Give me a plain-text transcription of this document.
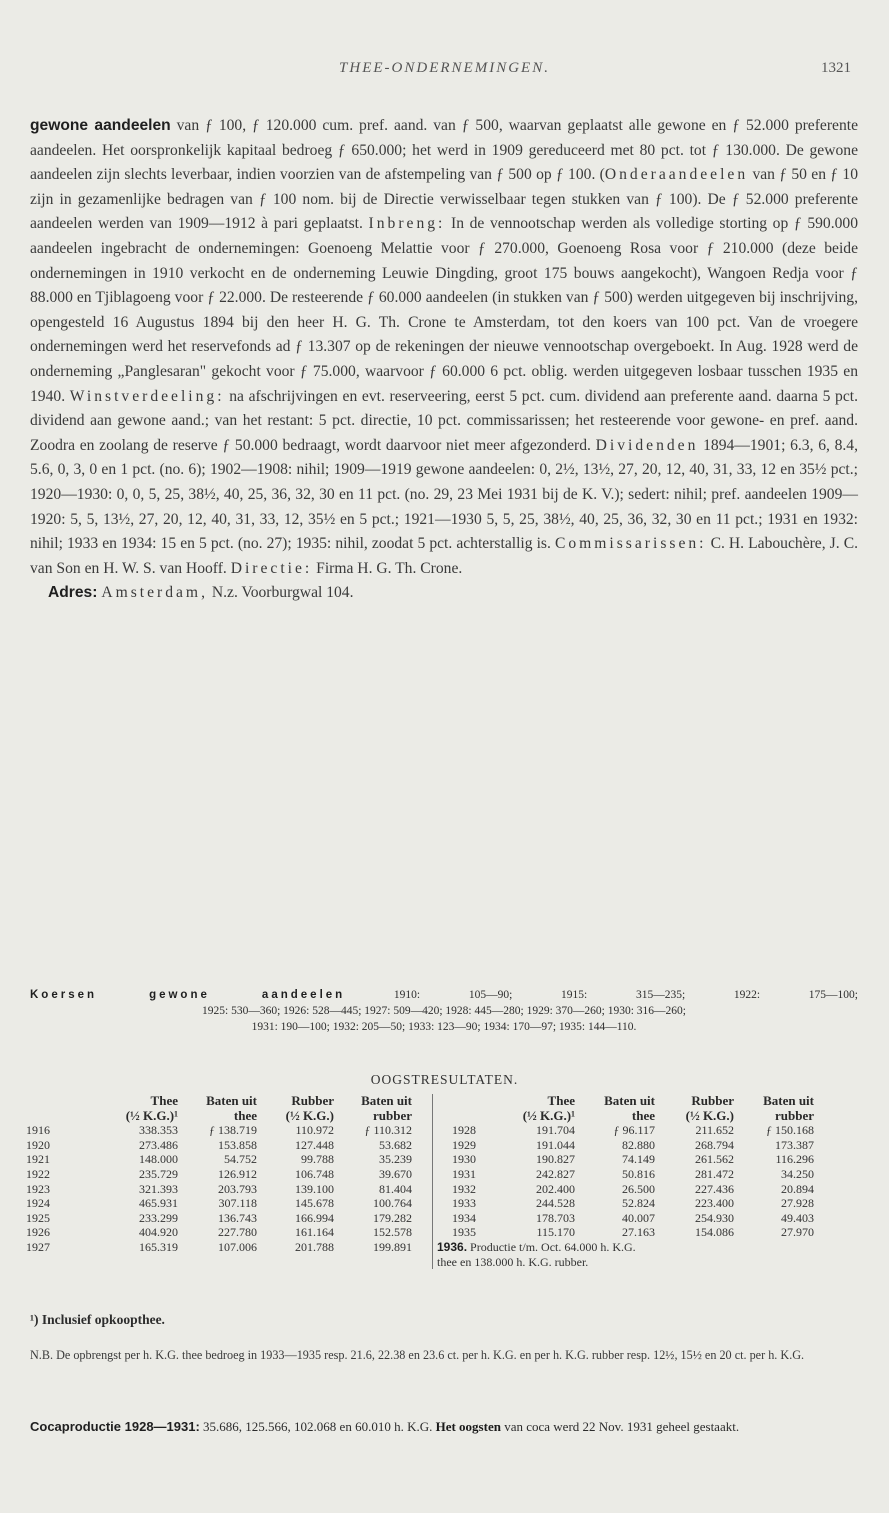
THEE-ONDERNEMINGEN.	1321

gewone aandeelen van ƒ 100, ƒ 120.000 cum. pref. aand. van ƒ 500, waarvan geplaatst alle gewone en ƒ 52.000 preferente aandeelen. Het oorspronkelijk kapitaal bedroeg ƒ 650.000; het werd in 1909 gereduceerd met 80 pct. tot ƒ 130.000. De gewone aandeelen zijn slechts leverbaar, indien voorzien van de afstempeling van ƒ 500 op ƒ 100. (Onderaandeelen van ƒ 50 en ƒ 10 zijn in gezamenlijke bedragen van ƒ 100 nom. bij de Directie verwisselbaar tegen stukken van ƒ 100). De ƒ 52.000 preferente aandeelen werden van 1909—1912 à pari geplaatst. Inbreng: In de vennootschap werden als volledige storting op ƒ 590.000 aandeelen ingebracht de ondernemingen: Goenoeng Melattie voor ƒ 270.000, Goenoeng Rosa voor ƒ 210.000 (deze beide ondernemingen in 1910 verkocht en de onderneming Leuwie Dingding, groot 175 bouws aangekocht), Wangoen Redja voor ƒ 88.000 en Tjiblagoeng voor ƒ 22.000. De resteerende ƒ 60.000 aandeelen (in stukken van ƒ 500) werden uitgegeven bij inschrijving, opengesteld 16 Augustus 1894 bij den heer H. G. Th. Crone te Amsterdam, tot den koers van 100 pct. Van de vroegere ondernemingen werd het reservefonds ad ƒ 13.307 op de rekeningen der nieuwe vennootschap overgeboekt. In Aug. 1928 werd de onderneming „Panglesaran" gekocht voor ƒ 75.000, waarvoor ƒ 60.000 6 pct. oblig. werden uitgegeven losbaar tusschen 1935 en 1940. Winstverdeeling: na afschrijvingen en evt. reserveering, eerst 5 pct. cum. dividend aan preferente aand. daarna 5 pct. dividend aan gewone aand.; van het restant: 5 pct. directie, 10 pct. commissarissen; het resteerende voor gewone- en pref. aand. Zoodra en zoolang de reserve ƒ 50.000 bedraagt, wordt daarvoor niet meer afgezonderd. Dividenden 1894—1901; 6.3, 6, 8.4, 5.6, 0, 3, 0 en 1 pct. (no. 6); 1902—1908: nihil; 1909—1919 gewone aandeelen: 0, 2½, 13½, 27, 20, 12, 40, 31, 33, 12 en 35½ pct.; 1920—1930: 0, 0, 5, 25, 38½, 40, 25, 36, 32, 30 en 11 pct. (no. 29, 23 Mei 1931 bij de K. V.); sedert: nihil; pref. aandeelen 1909—1920: 5, 5, 13½, 27, 20, 12, 40, 31, 33, 12, 35½ en 5 pct.; 1921—1930 5, 5, 25, 38½, 40, 25, 36, 32, 30 en 11 pct.; 1931 en 1932: nihil; 1933 en 1934: 15 en 5 pct. (no. 27); 1935: nihil, zoodat 5 pct. achterstallig is. Commissarissen: C. H. Labouchère, J. C. van Son en H. W. S. van Hooff. Directie: Firma H. G. Th. Crone.

Adres: Amsterdam, N.z. Voorburgwal 104.

Koersen gewone aandeelen 1910: 105—90; 1915: 315—235; 1922: 175—100;
1925: 530—360; 1926: 528—445; 1927: 509—420; 1928: 445—280; 1929: 370—260; 1930: 316—260;
1931: 190—100; 1932: 205—50; 1933: 123—90; 1934: 170—97; 1935: 144—110.
OOGSTRESULTATEN.
	Thee	Baten uit	Rubber	Baten uit			Thee	Baten uit	Rubber	Baten uit
	(½ K.G.)¹	thee	(½ K.G.)	rubber			(½ K.G.)¹	thee	(½ K.G.)	rubber
1916	338.353	ƒ 138.719	110.972	ƒ 110.312		1928	191.704	ƒ 96.117	211.652	ƒ 150.168
1920	273.486	153.858	127.448	53.682		1929	191.044	82.880	268.794	173.387
1921	148.000	54.752	99.788	35.239		1930	190.827	74.149	261.562	116.296
1922	235.729	126.912	106.748	39.670		1931	242.827	50.816	281.472	34.250
1923	321.393	203.793	139.100	81.404		1932	202.400	26.500	227.436	20.894
1924	465.931	307.118	145.678	100.764		1933	244.528	52.824	223.400	27.928
1925	233.299	136.743	166.994	179.282		1934	178.703	40.007	254.930	49.403
1926	404.920	227.780	161.164	152.578		1935	115.170	27.163	154.086	27.970
1927	165.319	107.006	201.788	199.891		1936. Productie t/m. Oct. 64.000 h. K.G.				
						thee en 138.000 h. K.G. rubber.				
¹) Inclusief opkoopthee.
N.B. De opbrengst per h. K.G. thee bedroeg in 1933—1935 resp. 21.6, 22.38 en 23.6 ct. per h. K.G. en per h. K.G. rubber resp. 12½, 15½ en 20 ct. per h. K.G.
Cocaproductie 1928—1931: 35.686, 125.566, 102.068 en 60.010 h. K.G. Het oogsten van coca werd 22 Nov. 1931 geheel gestaakt.
